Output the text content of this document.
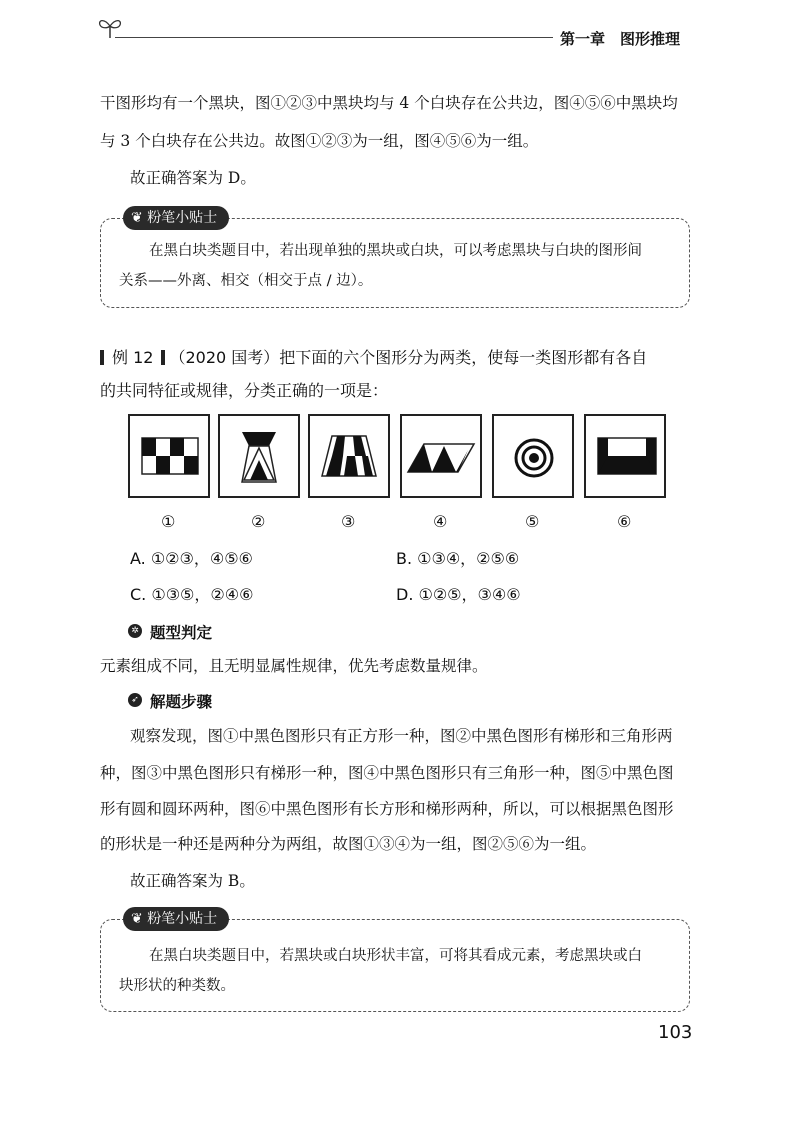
第一章　图形推理
干图形均有一个黑块，图①②③中黑块均与 4 个白块存在公共边，图④⑤⑥中黑块均
与 3 个白块存在公共边。故图①②③为一组，图④⑤⑥为一组。
故正确答案为 D。
❦ 粉笔小贴士
在黑白块类题目中，若出现单独的黑块或白块，可以考虑黑块与白块的图形间
关系——外离、相交（相交于点 / 边）。
例 12 （2020 国考）把下面的六个图形分为两类，使每一类图形都有各自
的共同特征或规律，分类正确的一项是：
①	②	③	④	⑤	⑥
A. ①②③，④⑤⑥	B. ①③④，②⑤⑥
C. ①③⑤，②④⑥	D. ①②⑤，③④⑥
✲ 题型判定
元素组成不同，且无明显属性规律，优先考虑数量规律。
➶ 解题步骤
观察发现，图①中黑色图形只有正方形一种，图②中黑色图形有梯形和三角形两
种，图③中黑色图形只有梯形一种，图④中黑色图形只有三角形一种，图⑤中黑色图
形有圆和圆环两种，图⑥中黑色图形有长方形和梯形两种，所以，可以根据黑色图形
的形状是一种还是两种分为两组，故图①③④为一组，图②⑤⑥为一组。
故正确答案为 B。
❦ 粉笔小贴士
在黑白块类题目中，若黑块或白块形状丰富，可将其看成元素，考虑黑块或白
块形状的种类数。
103
